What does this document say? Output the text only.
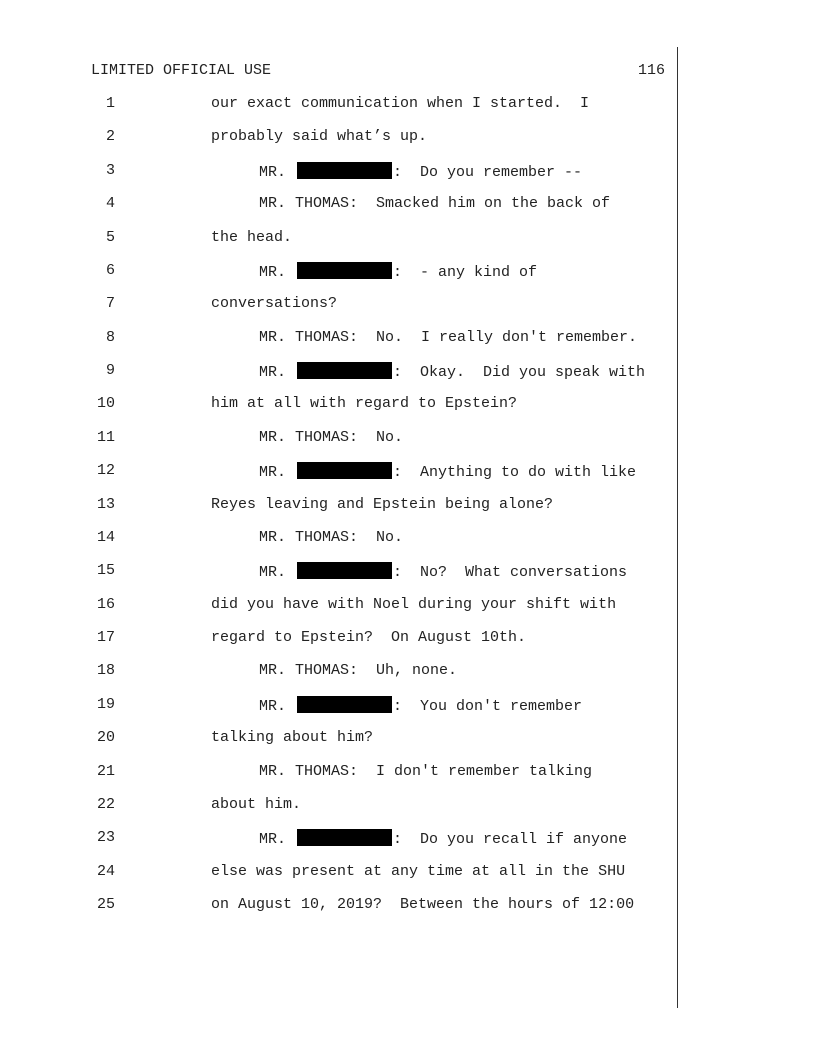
LIMITED OFFICIAL USE	116
1	our exact communication when I started.  I
2	probably said what’s up.
3	MR.	:  Do you remember --
4	MR. THOMAS:  Smacked him on the back of
5	the head.
6	MR.	:  - any kind of
7	conversations?
8	MR. THOMAS:  No.  I really don't remember.
9	MR.	:  Okay.  Did you speak with
10	him at all with regard to Epstein?
11	MR. THOMAS:  No.
12	MR.	:  Anything to do with like
13	Reyes leaving and Epstein being alone?
14	MR. THOMAS:  No.
15	MR.	:  No?  What conversations
16	did you have with Noel during your shift with
17	regard to Epstein?  On August 10th.
18	MR. THOMAS:  Uh, none.
19	MR.	:  You don't remember
20	talking about him?
21	MR. THOMAS:  I don't remember talking
22	about him.
23	MR.	:  Do you recall if anyone
24	else was present at any time at all in the SHU
25	on August 10, 2019?  Between the hours of 12:00
